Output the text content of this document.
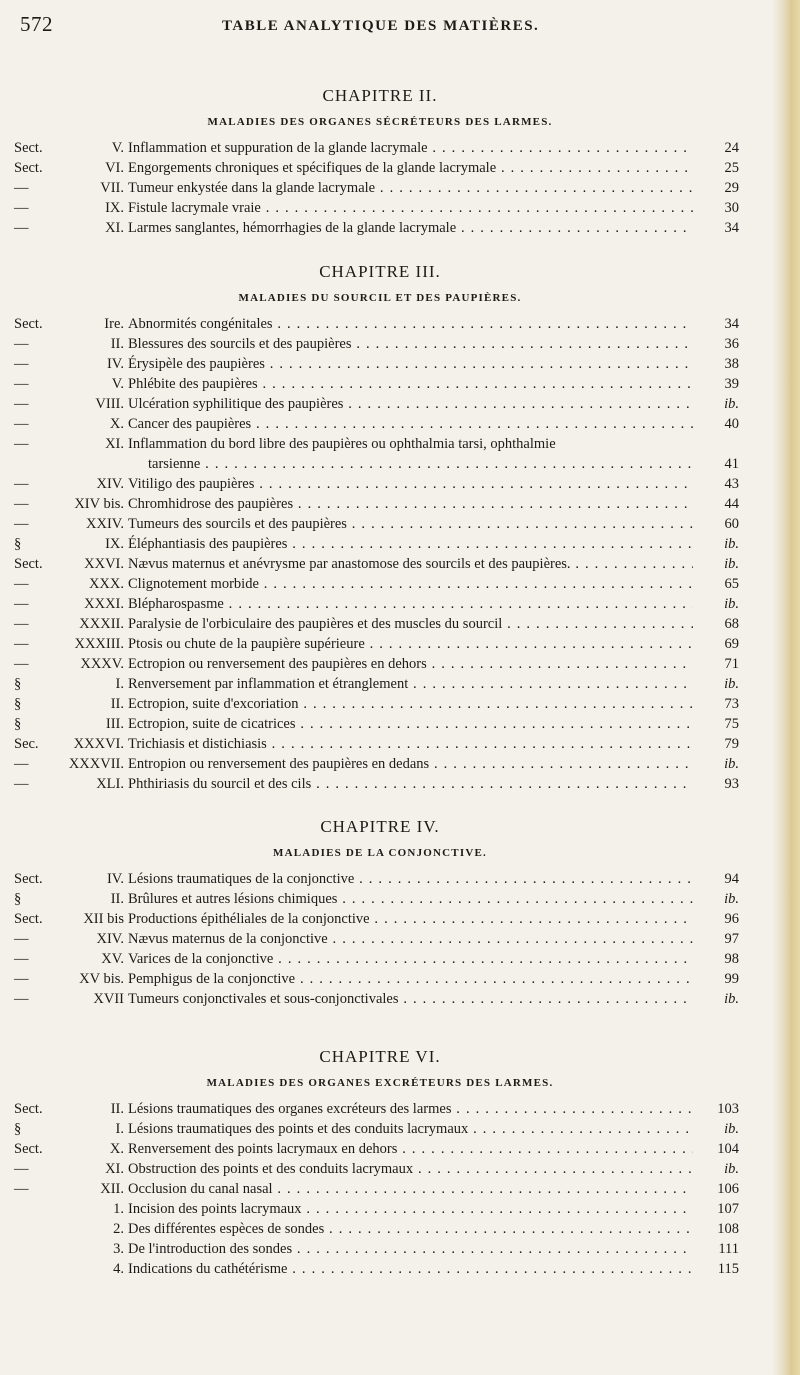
572	TABLE ANALYTIQUE DES MATIÈRES.
CHAPITRE II.
MALADIES DES ORGANES SÉCRÉTEURS DES LARMES.
Sect.	V. Inflammation et suppuration de la glande lacrymale . . .	24
Sect.	VI. Engorgements chroniques et spécifiques de la glande lacrymale . . .	25
—	VII. Tumeur enkystée dans la glande lacrymale . . .	29
—	IX. Fistule lacrymale vraie . . .	30
—	XI. Larmes sanglantes, hémorrhagies de la glande lacrymale . . .	34
CHAPITRE III.
MALADIES DU SOURCIL ET DES PAUPIÈRES.
Sect.	Ire. Abnormités congénitales . . .	34
—	II. Blessures des sourcils et des paupières . . .	36
—	IV. Érysipèle des paupières . . .	38
—	V. Phlébite des paupières . . .	39
—	VIII. Ulcération syphilitique des paupières . . .	ib.
—	X. Cancer des paupières . . .	40
—	XI. Inflammation du bord libre des paupières ou ophthalmia tarsi, ophthalmie
tarsienne . . .	41
—	XIV. Vitiligo des paupières . . .	43
—	XIV bis. Chromhidrose des paupières . . .	44
—	XXIV. Tumeurs des sourcils et des paupières . . .	60
§	IX. Éléphantiasis des paupières . . .	ib.
Sect.	XXVI. Nævus maternus et anévrysme par anastomose des sourcils et des paupières. . . .	ib.
—	XXX. Clignotement morbide . . .	65
—	XXXI. Blépharospasme . . .	ib.
—	XXXII. Paralysie de l'orbiculaire des paupières et des muscles du sourcil . . .	68
—	XXXIII. Ptosis ou chute de la paupière supérieure . . .	69
—	XXXV. Ectropion ou renversement des paupières en dehors . . .	71
§	I. Renversement par inflammation et étranglement . . .	ib.
§	II. Ectropion, suite d'excoriation . . .	73
§	III. Ectropion, suite de cicatrices . . .	75
Sec.	XXXVI. Trichiasis et distichiasis . . .	79
—	XXXVII. Entropion ou renversement des paupières en dedans . . .	ib.
—	XLI. Phthiriasis du sourcil et des cils . . .	93
CHAPITRE IV.
MALADIES DE LA CONJONCTIVE.
Sect.	IV. Lésions traumatiques de la conjonctive . . .	94
§	II. Brûlures et autres lésions chimiques . . .	ib.
Sect.	XII bis Productions épithéliales de la conjonctive . . .	96
—	XIV. Nævus maternus de la conjonctive . . .	97
—	XV. Varices de la conjonctive . . .	98
—	XV bis. Pemphigus de la conjonctive . . .	99
—	XVII Tumeurs conjonctivales et sous-conjonctivales . . .	ib.
CHAPITRE VI.
MALADIES DES ORGANES EXCRÉTEURS DES LARMES.
Sect.	II. Lésions traumatiques des organes excréteurs des larmes . . .	103
§	I. Lésions traumatiques des points et des conduits lacrymaux . . .	ib.
Sect.	X. Renversement des points lacrymaux en dehors . . .	104
—	XI. Obstruction des points et des conduits lacrymaux . . .	ib.
—	XII. Occlusion du canal nasal . . .	106
1. Incision des points lacrymaux . . .	107
2. Des différentes espèces de sondes . . .	108
3. De l'introduction des sondes . . .	111
4. Indications du cathétérisme . . .	115
